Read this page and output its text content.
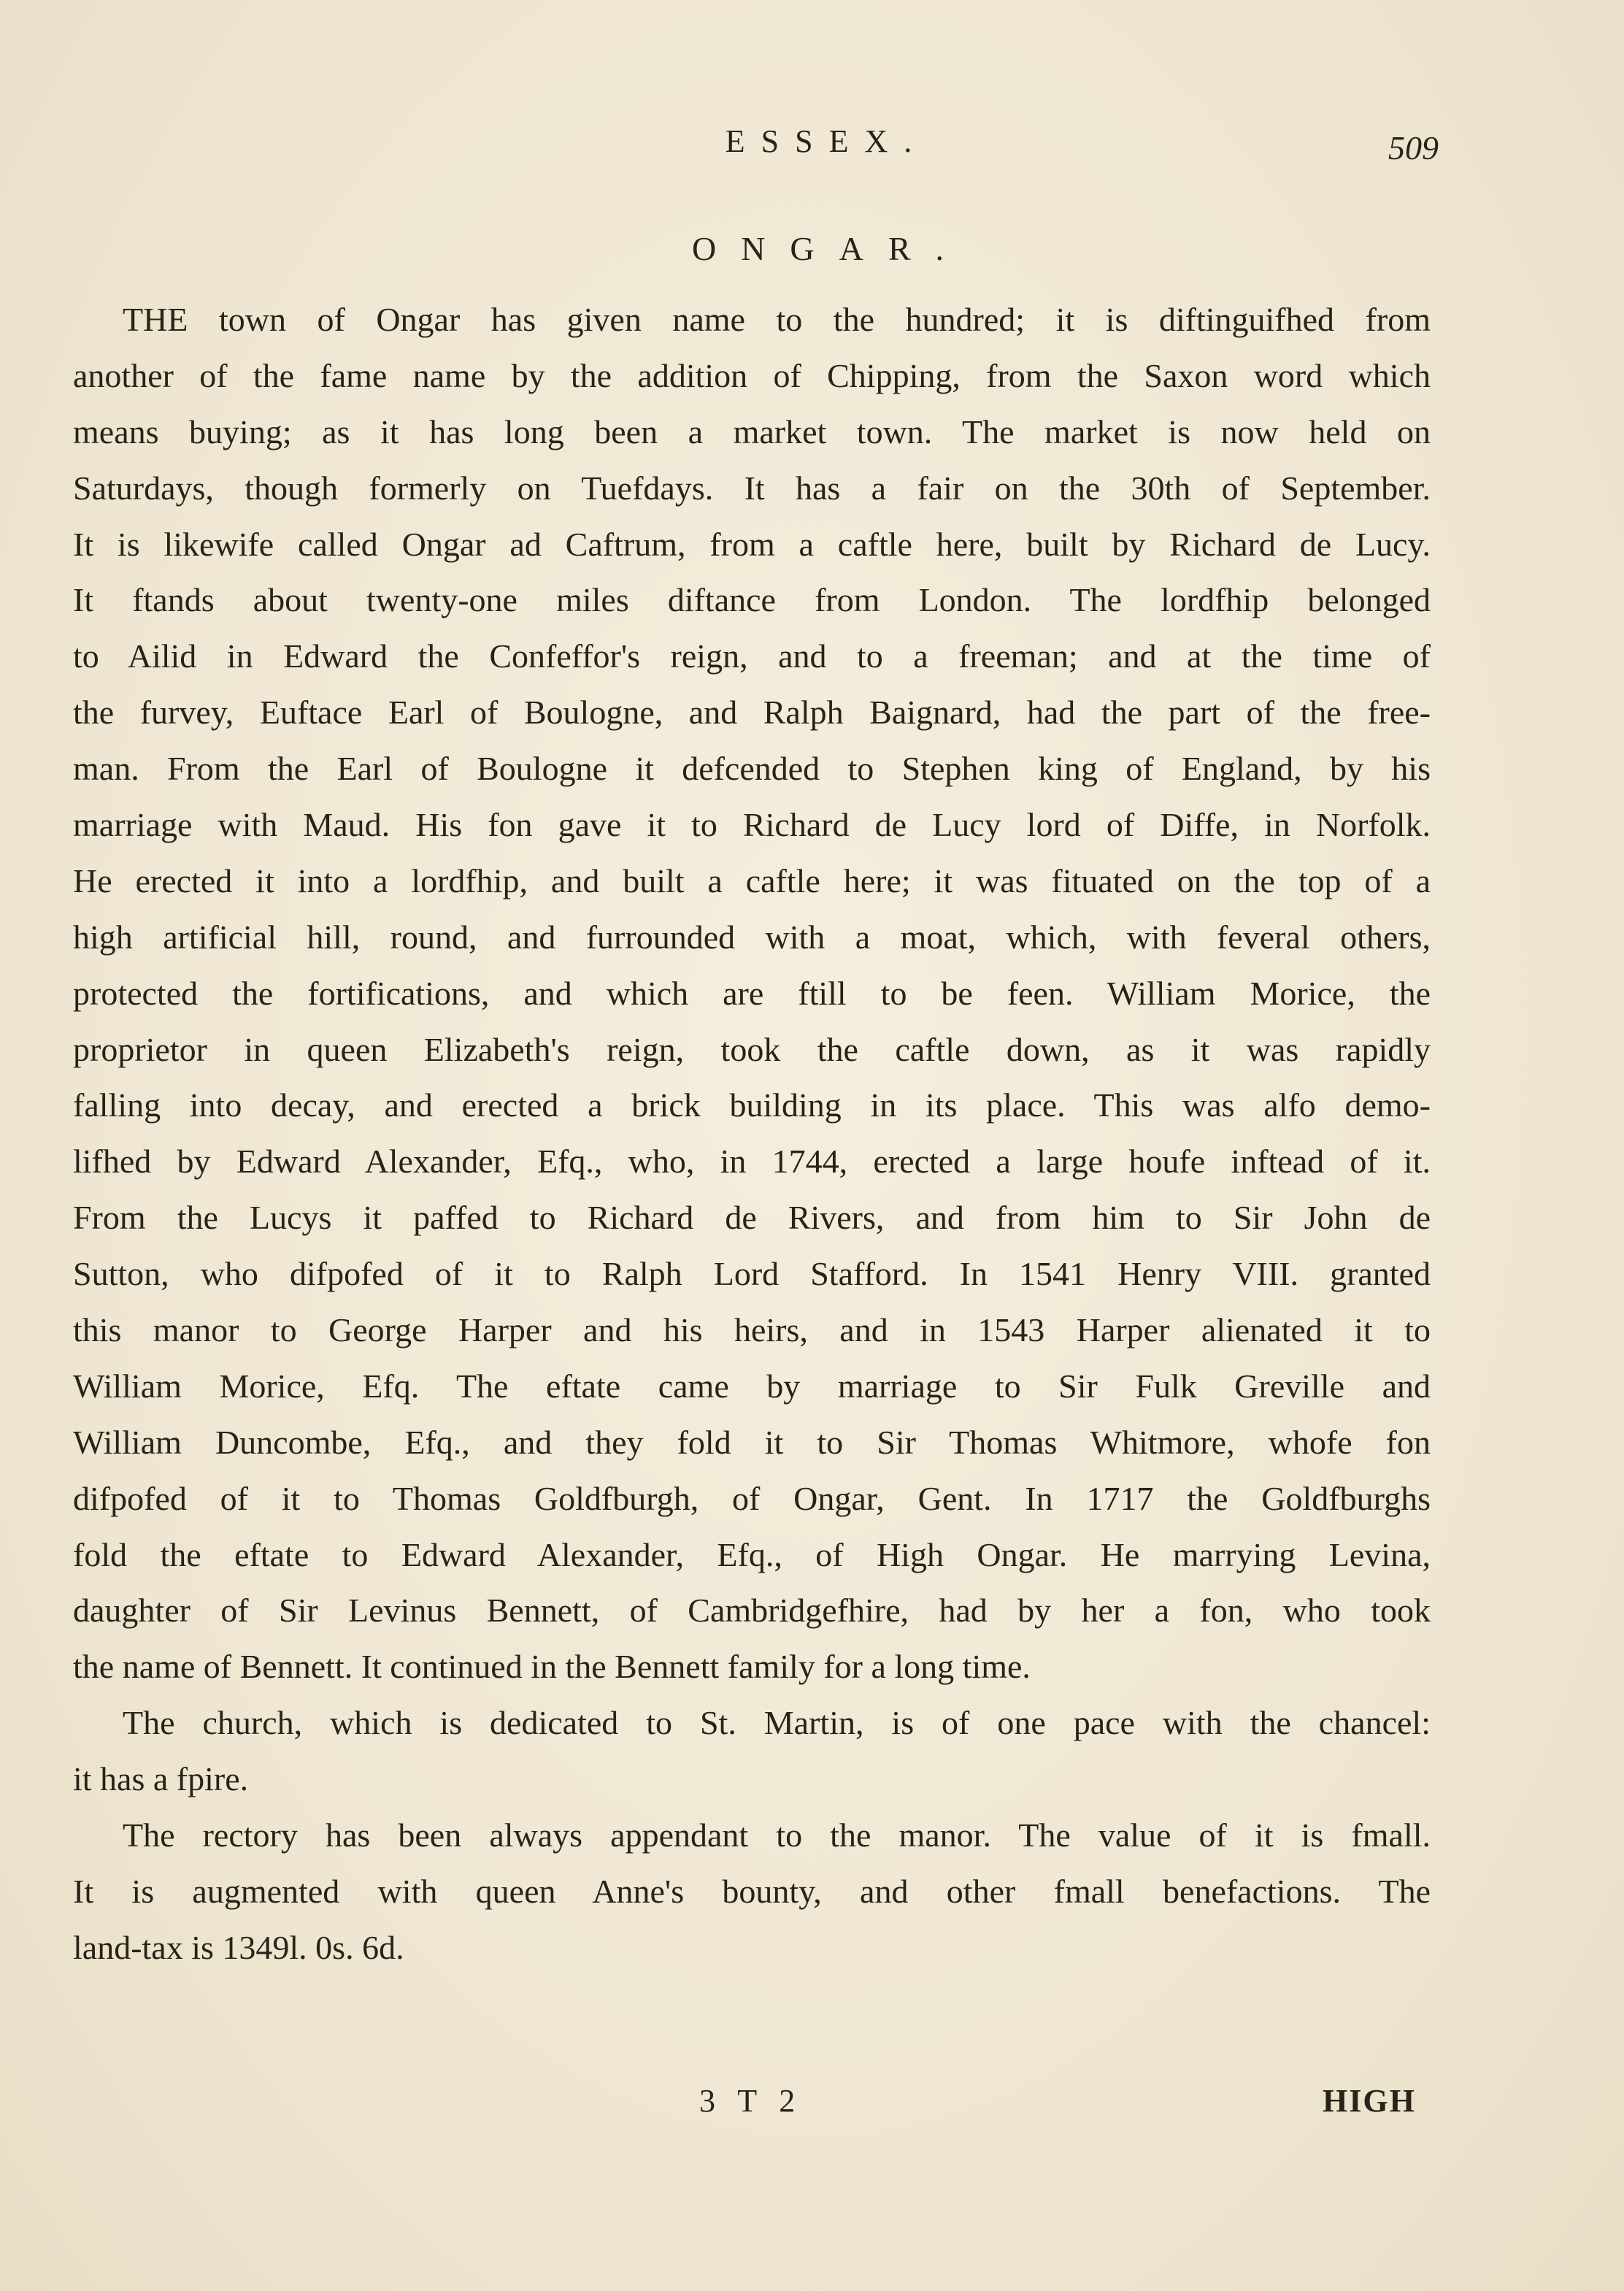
ESSEX.	509
ONGAR.
THE town of Ongar has given name to the hundred; it is diftinguifhed from
another of the fame name by the addition of Chipping, from the Saxon word which
means buying; as it has long been a market town. The market is now held on
Saturdays, though formerly on Tuefdays. It has a fair on the 30th of September.
It is likewife called Ongar ad Caftrum, from a caftle here, built by Richard de Lucy.
It ftands about twenty-one miles diftance from London. The lordfhip belonged
to Ailid in Edward the Confeffor's reign, and to a freeman; and at the time of
the furvey, Euftace Earl of Boulogne, and Ralph Baignard, had the part of the free-
man. From the Earl of Boulogne it defcended to Stephen king of England, by his
marriage with Maud. His fon gave it to Richard de Lucy lord of Diffe, in Norfolk.
He erected it into a lordfhip, and built a caftle here; it was fituated on the top of a
high artificial hill, round, and furrounded with a moat, which, with feveral others,
protected the fortifications, and which are ftill to be feen. William Morice, the
proprietor in queen Elizabeth's reign, took the caftle down, as it was rapidly
falling into decay, and erected a brick building in its place. This was alfo demo-
lifhed by Edward Alexander, Efq., who, in 1744, erected a large houfe inftead of it.
From the Lucys it paffed to Richard de Rivers, and from him to Sir John de
Sutton, who difpofed of it to Ralph Lord Stafford. In 1541 Henry VIII. granted
this manor to George Harper and his heirs, and in 1543 Harper alienated it to
William Morice, Efq. The eftate came by marriage to Sir Fulk Greville and
William Duncombe, Efq., and they fold it to Sir Thomas Whitmore, whofe fon
difpofed of it to Thomas Goldfburgh, of Ongar, Gent. In 1717 the Goldfburghs
fold the eftate to Edward Alexander, Efq., of High Ongar. He marrying Levina,
daughter of Sir Levinus Bennett, of Cambridgefhire, had by her a fon, who took
the name of Bennett. It continued in the Bennett family for a long time.
The church, which is dedicated to St. Martin, is of one pace with the chancel:
it has a fpire.
The rectory has been always appendant to the manor. The value of it is fmall.
It is augmented with queen Anne's bounty, and other fmall benefactions. The
land-tax is 1349l. 0s. 6d.
3 T 2	HIGH
